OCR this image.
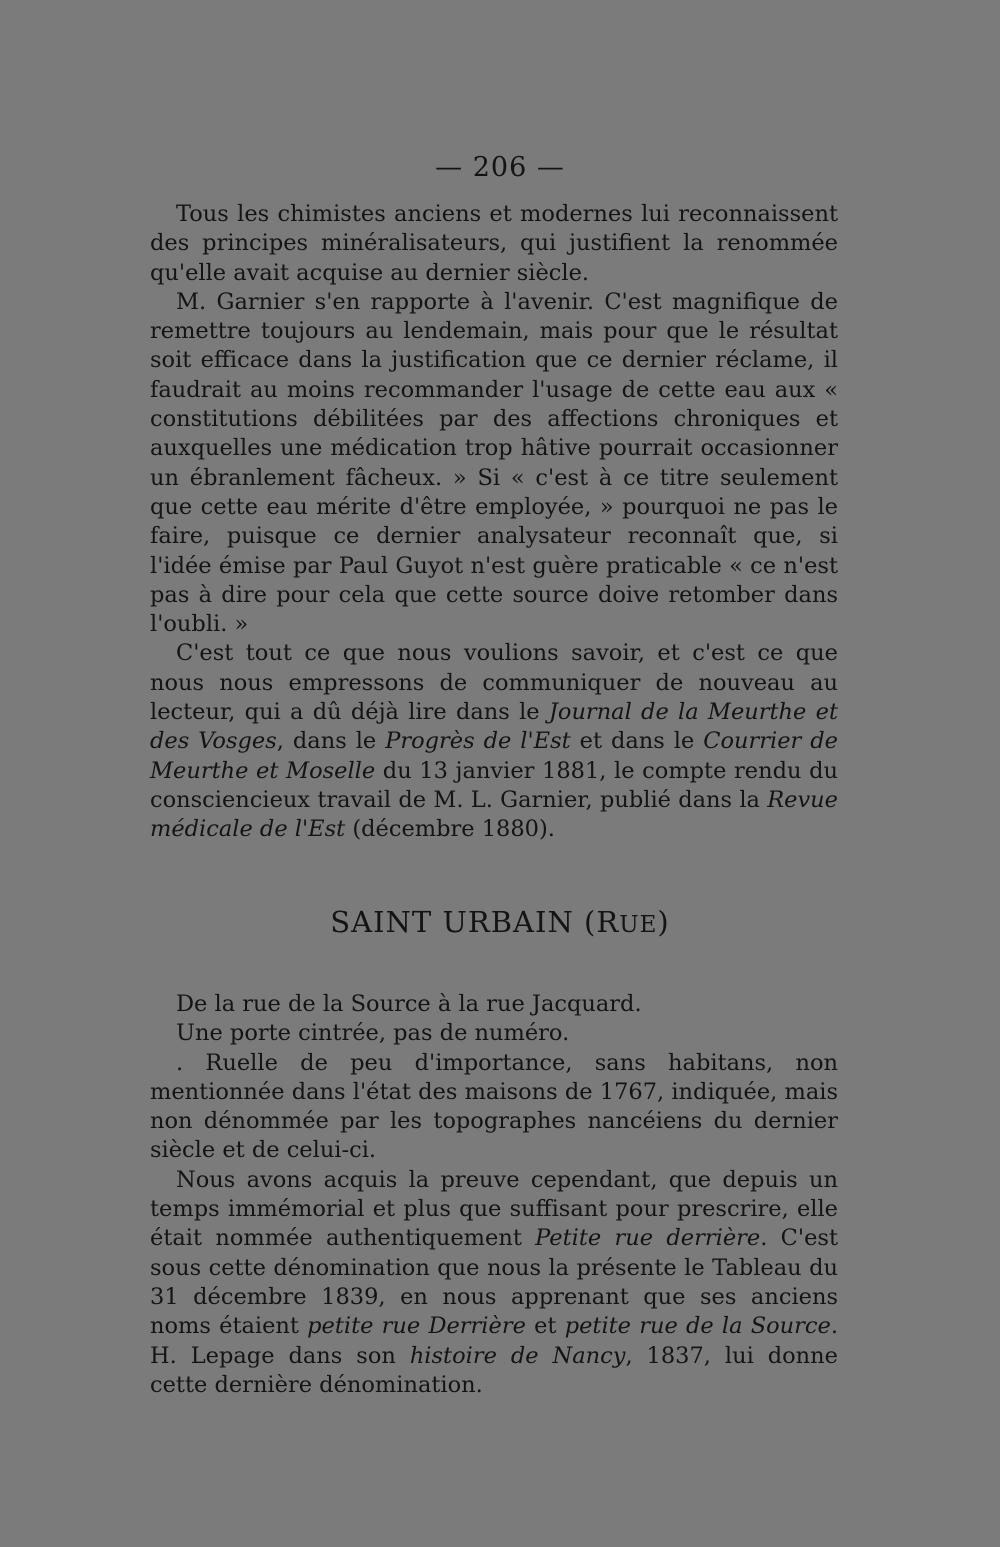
— 206 —

Tous les chimistes anciens et modernes lui reconnaissent des principes minéralisateurs, qui justifient la renommée qu'elle avait acquise au dernier siècle.

M. Garnier s'en rapporte à l'avenir. C'est magnifique de remettre toujours au lendemain, mais pour que le résultat soit efficace dans la justification que ce dernier réclame, il faudrait au moins recommander l'usage de cette eau aux « constitutions débilitées par des affections chroniques et auxquelles une médication trop hâtive pourrait occasionner un ébranlement fâcheux. » Si « c'est à ce titre seulement que cette eau mérite d'être employée, » pourquoi ne pas le faire, puisque ce dernier analysateur reconnaît que, si l'idée émise par Paul Guyot n'est guère praticable « ce n'est pas à dire pour cela que cette source doive retomber dans l'oubli. »

C'est tout ce que nous voulions savoir, et c'est ce que nous nous empressons de communiquer de nouveau au lecteur, qui a dû déjà lire dans le Journal de la Meurthe et des Vosges, dans le Progrès de l'Est et dans le Courrier de Meurthe et Moselle du 13 janvier 1881, le compte rendu du consciencieux travail de M. L. Garnier, publié dans la Revue médicale de l'Est (décembre 1880).

SAINT URBAIN (RUE)

De la rue de la Source à la rue Jacquard.

Une porte cintrée, pas de numéro.

. Ruelle de peu d'importance, sans habitans, non mentionnée dans l'état des maisons de 1767, indiquée, mais non dénommée par les topographes nancéiens du dernier siècle et de celui-ci.

Nous avons acquis la preuve cependant, que depuis un temps immémorial et plus que suffisant pour prescrire, elle était nommée authentiquement Petite rue derrière. C'est sous cette dénomination que nous la présente le Tableau du 31 décembre 1839, en nous apprenant que ses anciens noms étaient petite rue Derrière et petite rue de la Source. H. Lepage dans son histoire de Nancy, 1837, lui donne cette dernière dénomination.
